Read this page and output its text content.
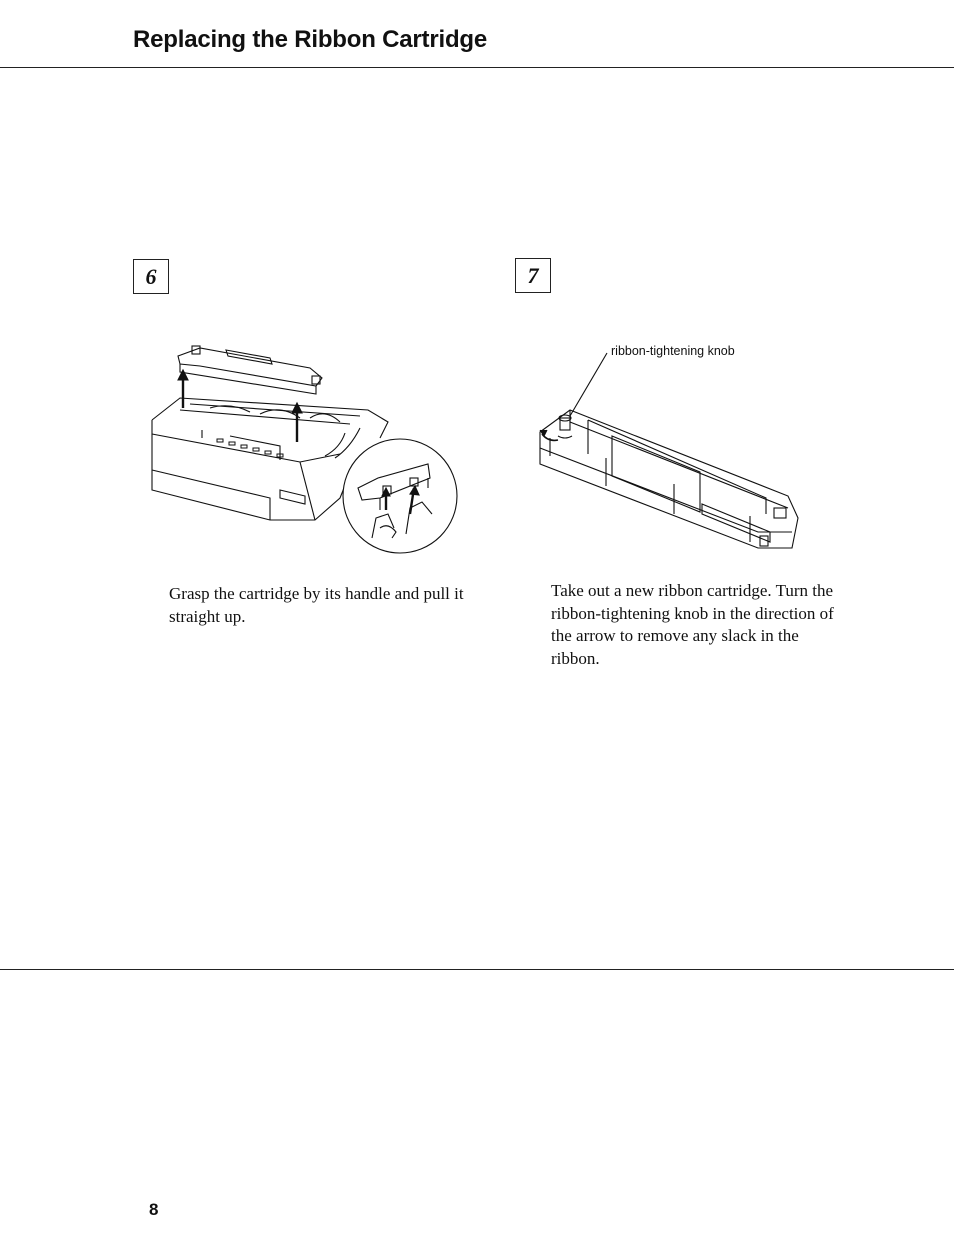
Replacing the Ribbon Cartridge
6
Grasp the cartridge by its handle and pull it straight up.
7
ribbon-tightening knob
Take out a new ribbon cartridge. Turn the ribbon-tightening knob in the direction of the arrow to remove any slack in the ribbon.
8
